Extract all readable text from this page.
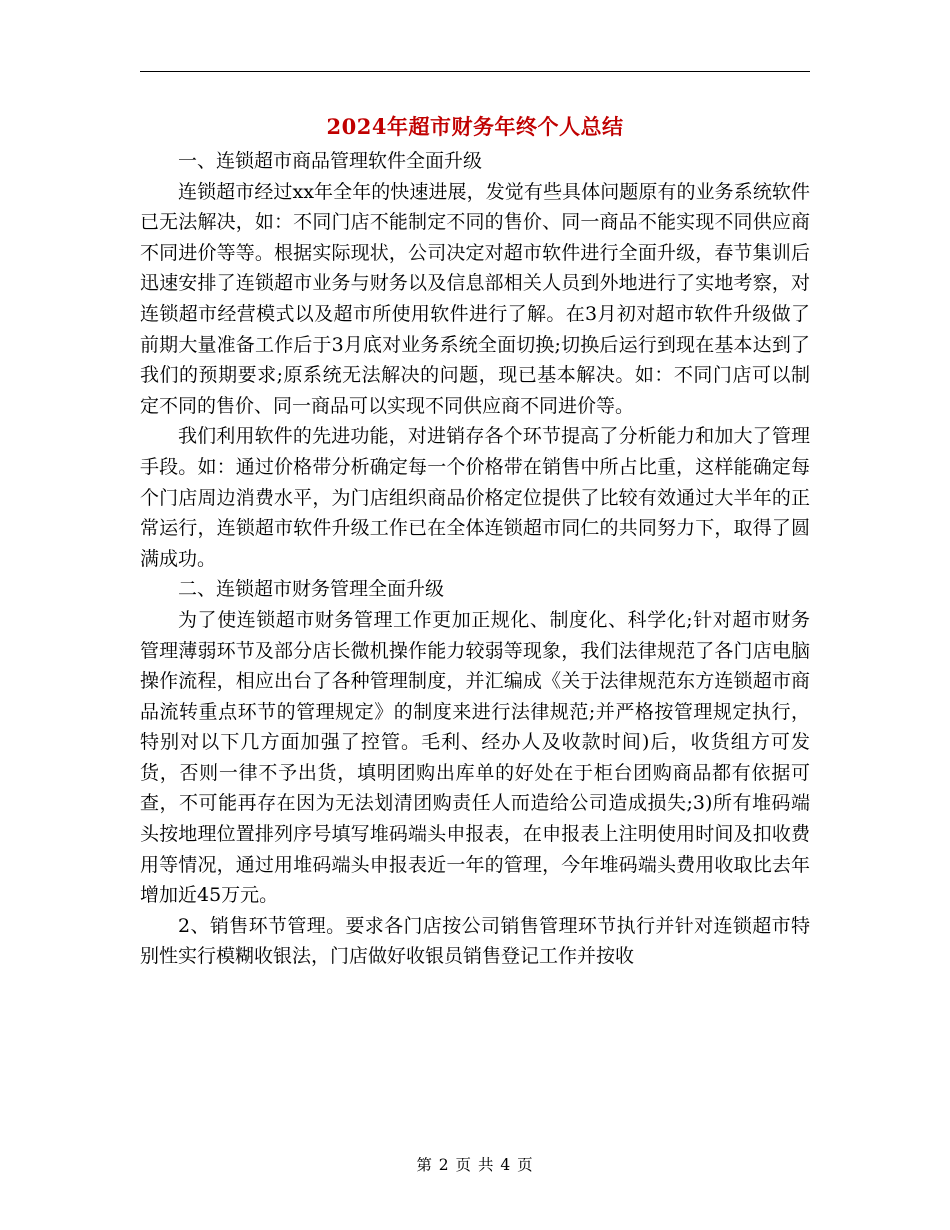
2024年超市财务年终个人总结

一、连锁超市商品管理软件全面升级

连锁超市经过xx年全年的快速进展，发觉有些具体问题原有的业务系统软件已无法解决，如：不同门店不能制定不同的售价、同一商品不能实现不同供应商不同进价等等。根据实际现状，公司决定对超市软件进行全面升级，春节集训后迅速安排了连锁超市业务与财务以及信息部相关人员到外地进行了实地考察，对连锁超市经营模式以及超市所使用软件进行了解。在3月初对超市软件升级做了前期大量准备工作后于3月底对业务系统全面切换;切换后运行到现在基本达到了我们的预期要求;原系统无法解决的问题，现已基本解决。如：不同门店可以制定不同的售价、同一商品可以实现不同供应商不同进价等。

我们利用软件的先进功能，对进销存各个环节提高了分析能力和加大了管理手段。如：通过价格带分析确定每一个价格带在销售中所占比重，这样能确定每个门店周边消费水平，为门店组织商品价格定位提供了比较有效通过大半年的正常运行，连锁超市软件升级工作已在全体连锁超市同仁的共同努力下，取得了圆满成功。

二、连锁超市财务管理全面升级

为了使连锁超市财务管理工作更加正规化、制度化、科学化;针对超市财务管理薄弱环节及部分店长微机操作能力较弱等现象，我们法律规范了各门店电脑操作流程，相应出台了各种管理制度，并汇编成《关于法律规范东方连锁超市商品流转重点环节的管理规定》的制度来进行法律规范;并严格按管理规定执行，特别对以下几方面加强了控管。毛利、经办人及收款时间)后，收货组方可发货，否则一律不予出货，填明团购出库单的好处在于柜台团购商品都有依据可查，不可能再存在因为无法划清团购责任人而造给公司造成损失;3)所有堆码端头按地理位置排列序号填写堆码端头申报表，在申报表上注明使用时间及扣收费用等情况，通过用堆码端头申报表近一年的管理，今年堆码端头费用收取比去年增加近45万元。

2、销售环节管理。要求各门店按公司销售管理环节执行并针对连锁超市特别性实行模糊收银法，门店做好收银员销售登记工作并按收

第 2 页 共 4 页
